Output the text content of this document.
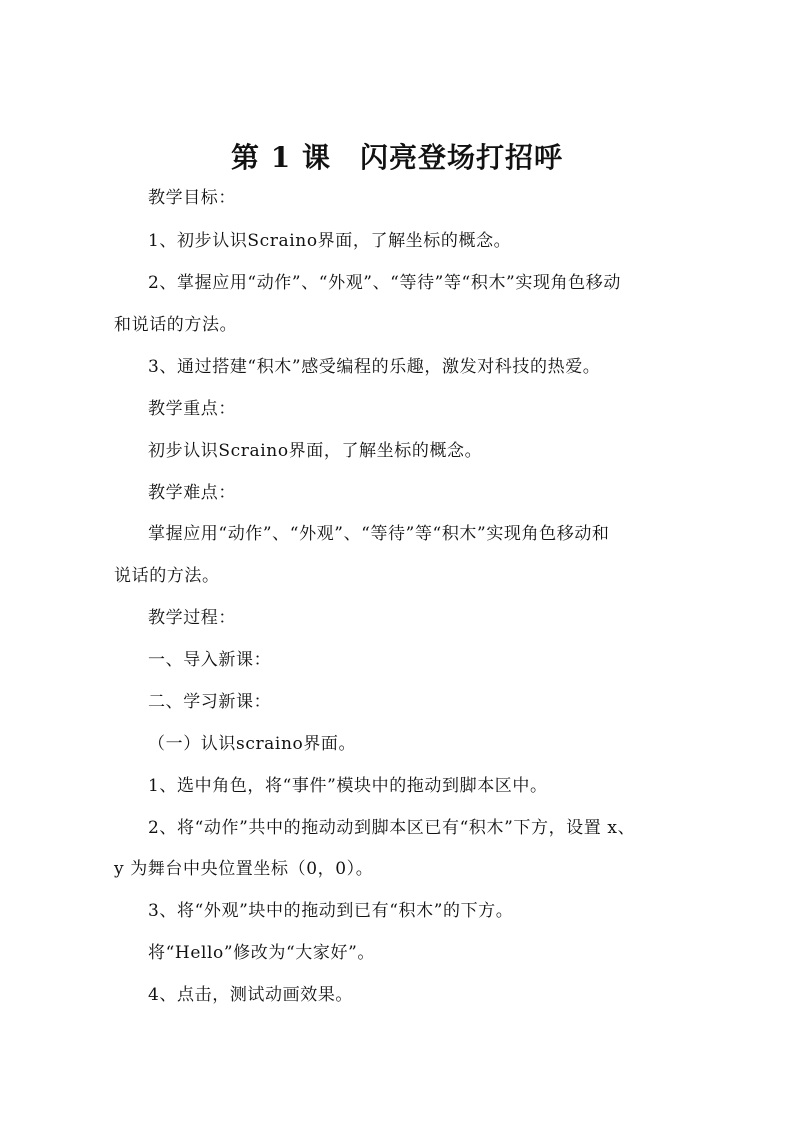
第 1 课　闪亮登场打招呼
教学目标：
1、初步认识Scraino界面，了解坐标的概念。
2、掌握应用“动作”、“外观”、“等待”等“积木”实现角色移动
和说话的方法。
3、通过搭建“积木”感受编程的乐趣，激发对科技的热爱。
教学重点：
初步认识Scraino界面，了解坐标的概念。
教学难点：
掌握应用“动作”、“外观”、“等待”等“积木”实现角色移动和
说话的方法。
教学过程：
一、导入新课：
二、学习新课：
（一）认识scraino界面。
1、选中角色，将“事件”模块中的拖动到脚本区中。
2、将“动作”共中的拖动动到脚本区已有“积木”下方，设置 x、
y 为舞台中央位置坐标（0，0）。
3、将“外观”块中的拖动到已有“积木”的下方。
将“Hello”修改为“大家好”。
4、点击，测试动画效果。
